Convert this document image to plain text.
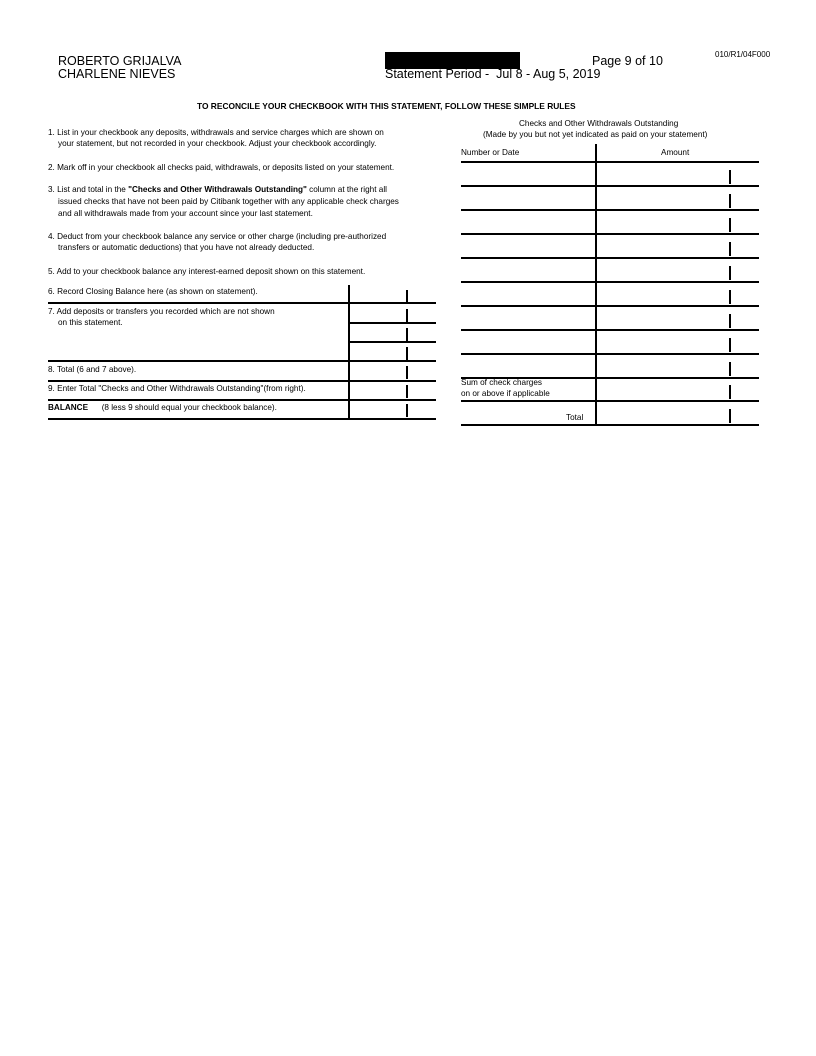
ROBERTO GRIJALVA
CHARLENE NIEVES	Statement Period -  Jul 8 - Aug 5, 2019
Page 9 of 10	010/R1/04F000
TO RECONCILE YOUR CHECKBOOK WITH THIS STATEMENT, FOLLOW THESE SIMPLE RULES
1. List in your checkbook any deposits, withdrawals and service charges which are shown on
your statement, but not recorded in your checkbook. Adjust your checkbook accordingly.
2. Mark off in your checkbook all checks paid, withdrawals, or deposits listed on your statement.
3. List and total in the "Checks and Other Withdrawals Outstanding" column at the right all
issued checks that have not been paid by Citibank together with any applicable check charges
and all withdrawals made from your account since your last statement.
4. Deduct from your checkbook balance any service or other charge (including pre-authorized
transfers or automatic deductions) that you have not already deducted.
5. Add to your checkbook balance any interest-earned deposit shown on this statement.
6. Record Closing Balance here (as shown on statement).
7. Add deposits or transfers you recorded which are not shown
on this statement.
8. Total (6 and 7 above).
9. Enter Total "Checks and Other Withdrawals Outstanding"(from right).
BALANCE (8 less 9 should equal your checkbook balance).
Checks and Other Withdrawals Outstanding
(Made by you but not yet indicated as paid on your statement)
Number or Date	Amount
Sum of check charges
on or above if applicable
Total
